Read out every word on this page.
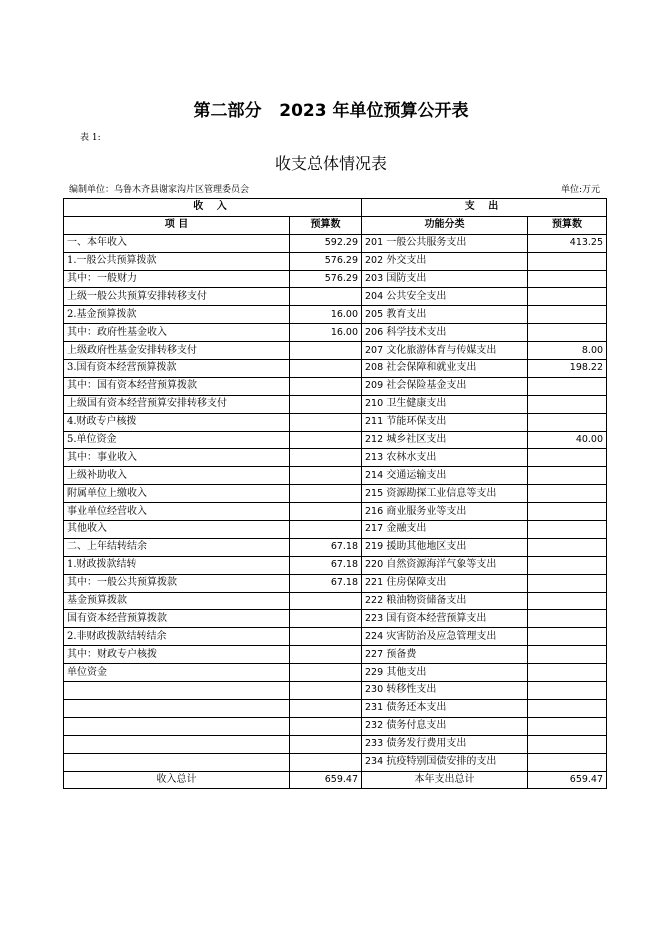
第二部分   2023 年单位预算公开表
表 1:
收支总体情况表
编制单位：乌鲁木齐县谢家沟片区管理委员会	单位:万元
收 入		支 出	
项 目	预算数	功能分类	预算数
一、本年收入	592.29	201 一般公共服务支出	413.25
1.一般公共预算拨款	576.29	202 外交支出	
其中：一般财力	576.29	203 国防支出	
上级一般公共预算安排转移支付		204 公共安全支出	
2.基金预算拨款	16.00	205 教育支出	
其中：政府性基金收入	16.00	206 科学技术支出	
上级政府性基金安排转移支付		207 文化旅游体育与传媒支出	8.00
3.国有资本经营预算拨款		208 社会保障和就业支出	198.22
其中：国有资本经营预算拨款		209 社会保险基金支出	
上级国有资本经营预算安排转移支付		210 卫生健康支出	
4.财政专户核拨		211 节能环保支出	
5.单位资金		212 城乡社区支出	40.00
其中：事业收入		213 农林水支出	
上级补助收入		214 交通运输支出	
附属单位上缴收入		215 资源勘探工业信息等支出	
事业单位经营收入		216 商业服务业等支出	
其他收入		217 金融支出	
二、上年结转结余	67.18	219 援助其他地区支出	
1.财政拨款结转	67.18	220 自然资源海洋气象等支出	
其中：一般公共预算拨款	67.18	221 住房保障支出	
基金预算拨款		222 粮油物资储备支出	
国有资本经营预算拨款		223 国有资本经营预算支出	
2.非财政拨款结转结余		224 灾害防治及应急管理支出	
其中：财政专户核拨		227 预备费	
单位资金		229 其他支出	
		230 转移性支出	
		231 债务还本支出	
		232 债务付息支出	
		233 债务发行费用支出	
		234 抗疫特别国债安排的支出	
收入总计	659.47	本年支出总计	659.47
